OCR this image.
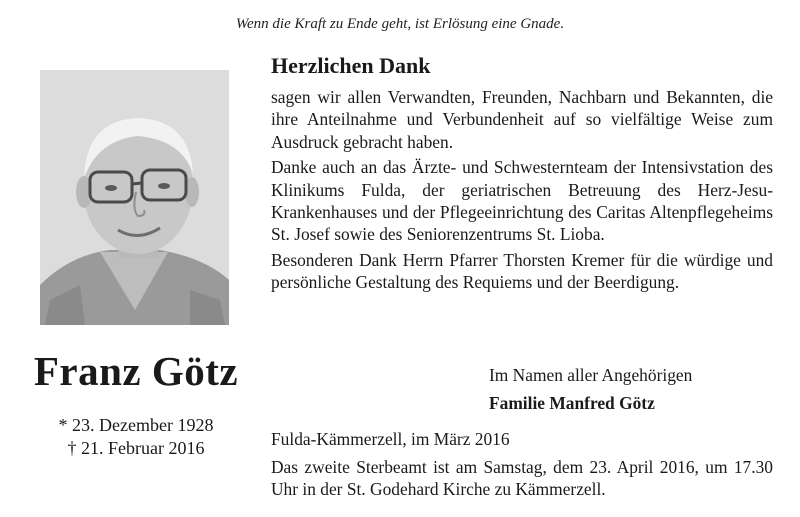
Wenn die Kraft zu Ende geht, ist Erlösung eine Gnade.
Franz Götz
* 23. Dezember 1928
† 21. Februar 2016
Herzlichen Dank

sagen wir allen Verwandten, Freunden, Nachbarn und Bekannten, die ihre Anteilnahme und Verbundenheit auf so vielfältige Weise zum Ausdruck gebracht haben.

Danke auch an das Ärzte- und Schwesternteam der Intensivstation des Klinikums Fulda, der geriatrischen Betreuung des Herz-Jesu-Krankenhauses und der Pflegeeinrichtung des Caritas Altenpflegeheims St. Josef sowie des Seniorenzentrums St. Lioba.

Besonderen Dank Herrn Pfarrer Thorsten Kremer für die würdige und persönliche Gestaltung des Requiems und der Beerdigung.

Im Namen aller Angehörigen
Familie Manfred Götz
Fulda-Kämmerzell, im März 2016
Das zweite Sterbeamt ist am Samstag, dem 23. April 2016, um 17.30 Uhr in der St. Godehard Kirche zu Kämmerzell.
